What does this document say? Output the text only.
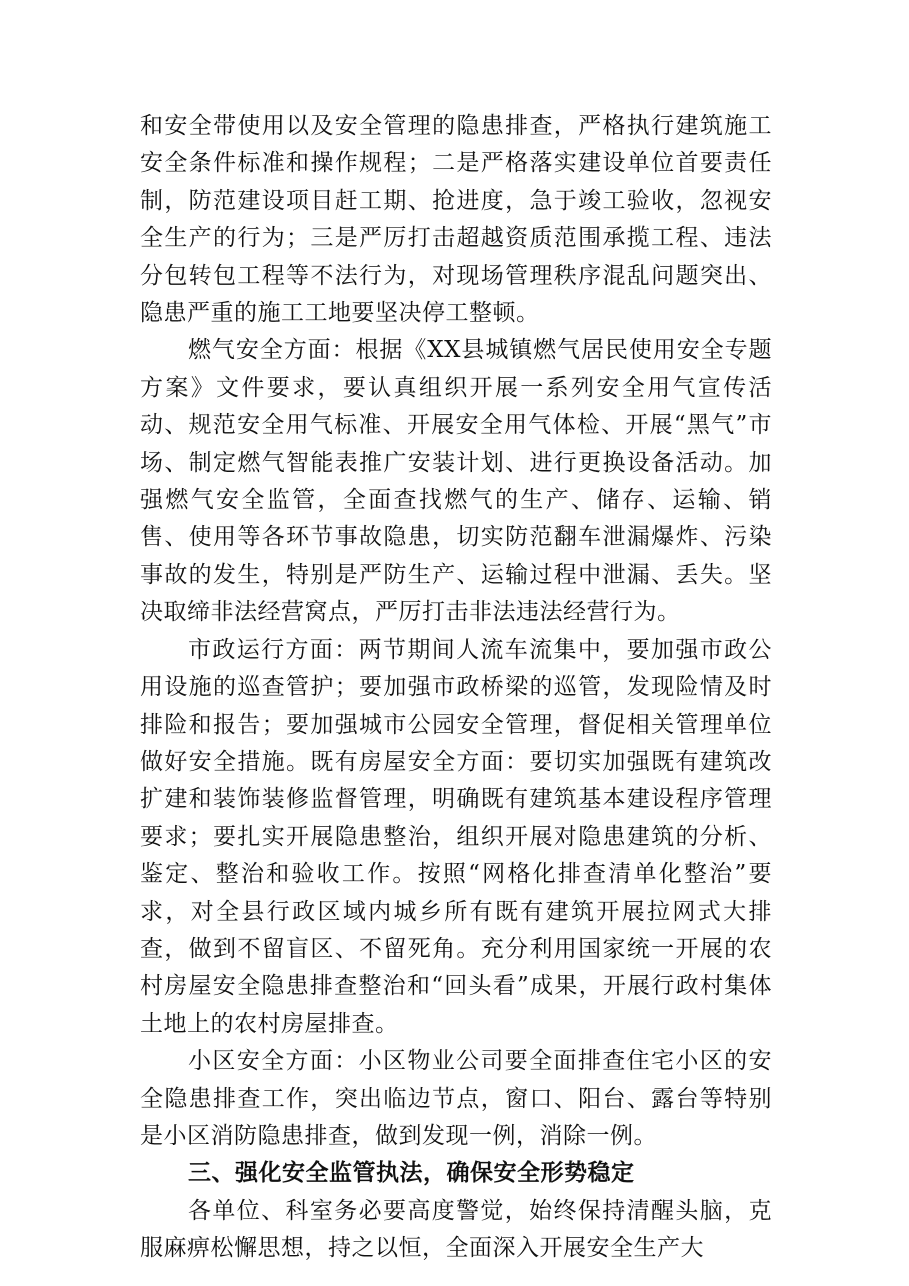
和安全带使用以及安全管理的隐患排查，严格执行建筑施工安全条件标准和操作规程；二是严格落实建设单位首要责任制，防范建设项目赶工期、抢进度，急于竣工验收，忽视安全生产的行为；三是严厉打击超越资质范围承揽工程、违法分包转包工程等不法行为，对现场管理秩序混乱问题突出、隐患严重的施工工地要坚决停工整顿。

燃气安全方面：根据《XX县城镇燃气居民使用安全专题方案》文件要求，要认真组织开展一系列安全用气宣传活动、规范安全用气标准、开展安全用气体检、开展“黑气”市场、制定燃气智能表推广安装计划、进行更换设备活动。加强燃气安全监管，全面查找燃气的生产、储存、运输、销售、使用等各环节事故隐患，切实防范翻车泄漏爆炸、污染事故的发生，特别是严防生产、运输过程中泄漏、丢失。坚决取缔非法经营窝点，严厉打击非法违法经营行为。

市政运行方面：两节期间人流车流集中，要加强市政公用设施的巡查管护；要加强市政桥梁的巡管，发现险情及时排险和报告；要加强城市公园安全管理，督促相关管理单位做好安全措施。既有房屋安全方面：要切实加强既有建筑改扩建和装饰装修监督管理，明确既有建筑基本建设程序管理要求；要扎实开展隐患整治，组织开展对隐患建筑的分析、鉴定、整治和验收工作。按照“网格化排查清单化整治”要求，对全县行政区域内城乡所有既有建筑开展拉网式大排查，做到不留盲区、不留死角。充分利用国家统一开展的农村房屋安全隐患排查整治和“回头看”成果，开展行政村集体土地上的农村房屋排查。

小区安全方面：小区物业公司要全面排查住宅小区的安全隐患排查工作，突出临边节点，窗口、阳台、露台等特别是小区消防隐患排查，做到发现一例，消除一例。

三、强化安全监管执法，确保安全形势稳定

各单位、科室务必要高度警觉，始终保持清醒头脑，克服麻痹松懈思想，持之以恒，全面深入开展安全生产大
